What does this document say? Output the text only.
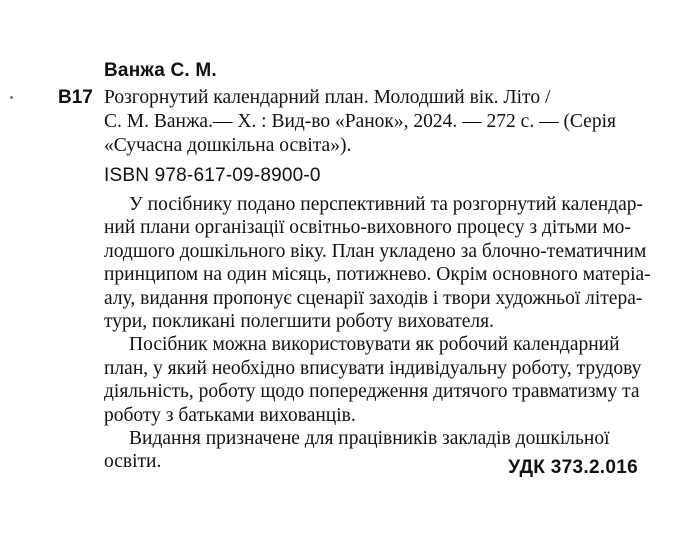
Ванжа С. М.
В17 Розгорнутий календарний план. Молодший вік. Літо /
С. М. Ванжа.— Х. : Вид-во «Ранок», 2024. — 272 с. — (Серія
«Сучасна дошкільна освіта»).
ISBN 978-617-09-8900-0
У посібнику подано перспективний та розгорнутий календар-
ний плани організації освітньо-виховного процесу з дітьми мо-
лодшого дошкільного віку. План укладено за блочно-тематичним
принципом на один місяць, потижнево. Окрім основного матеріа-
алу, видання пропонує сценарії заходів і твори художньої літера-
тури, покликані полегшити роботу вихователя.
Посібник можна використовувати як робочий календарний
план, у який необхідно вписувати індивідуальну роботу, трудову
діяльність, роботу щодо попередження дитячого травматизму та
роботу з батьками вихованців.
Видання призначене для працівників закладів дошкільної
освіти.	УДК 373.2.016
